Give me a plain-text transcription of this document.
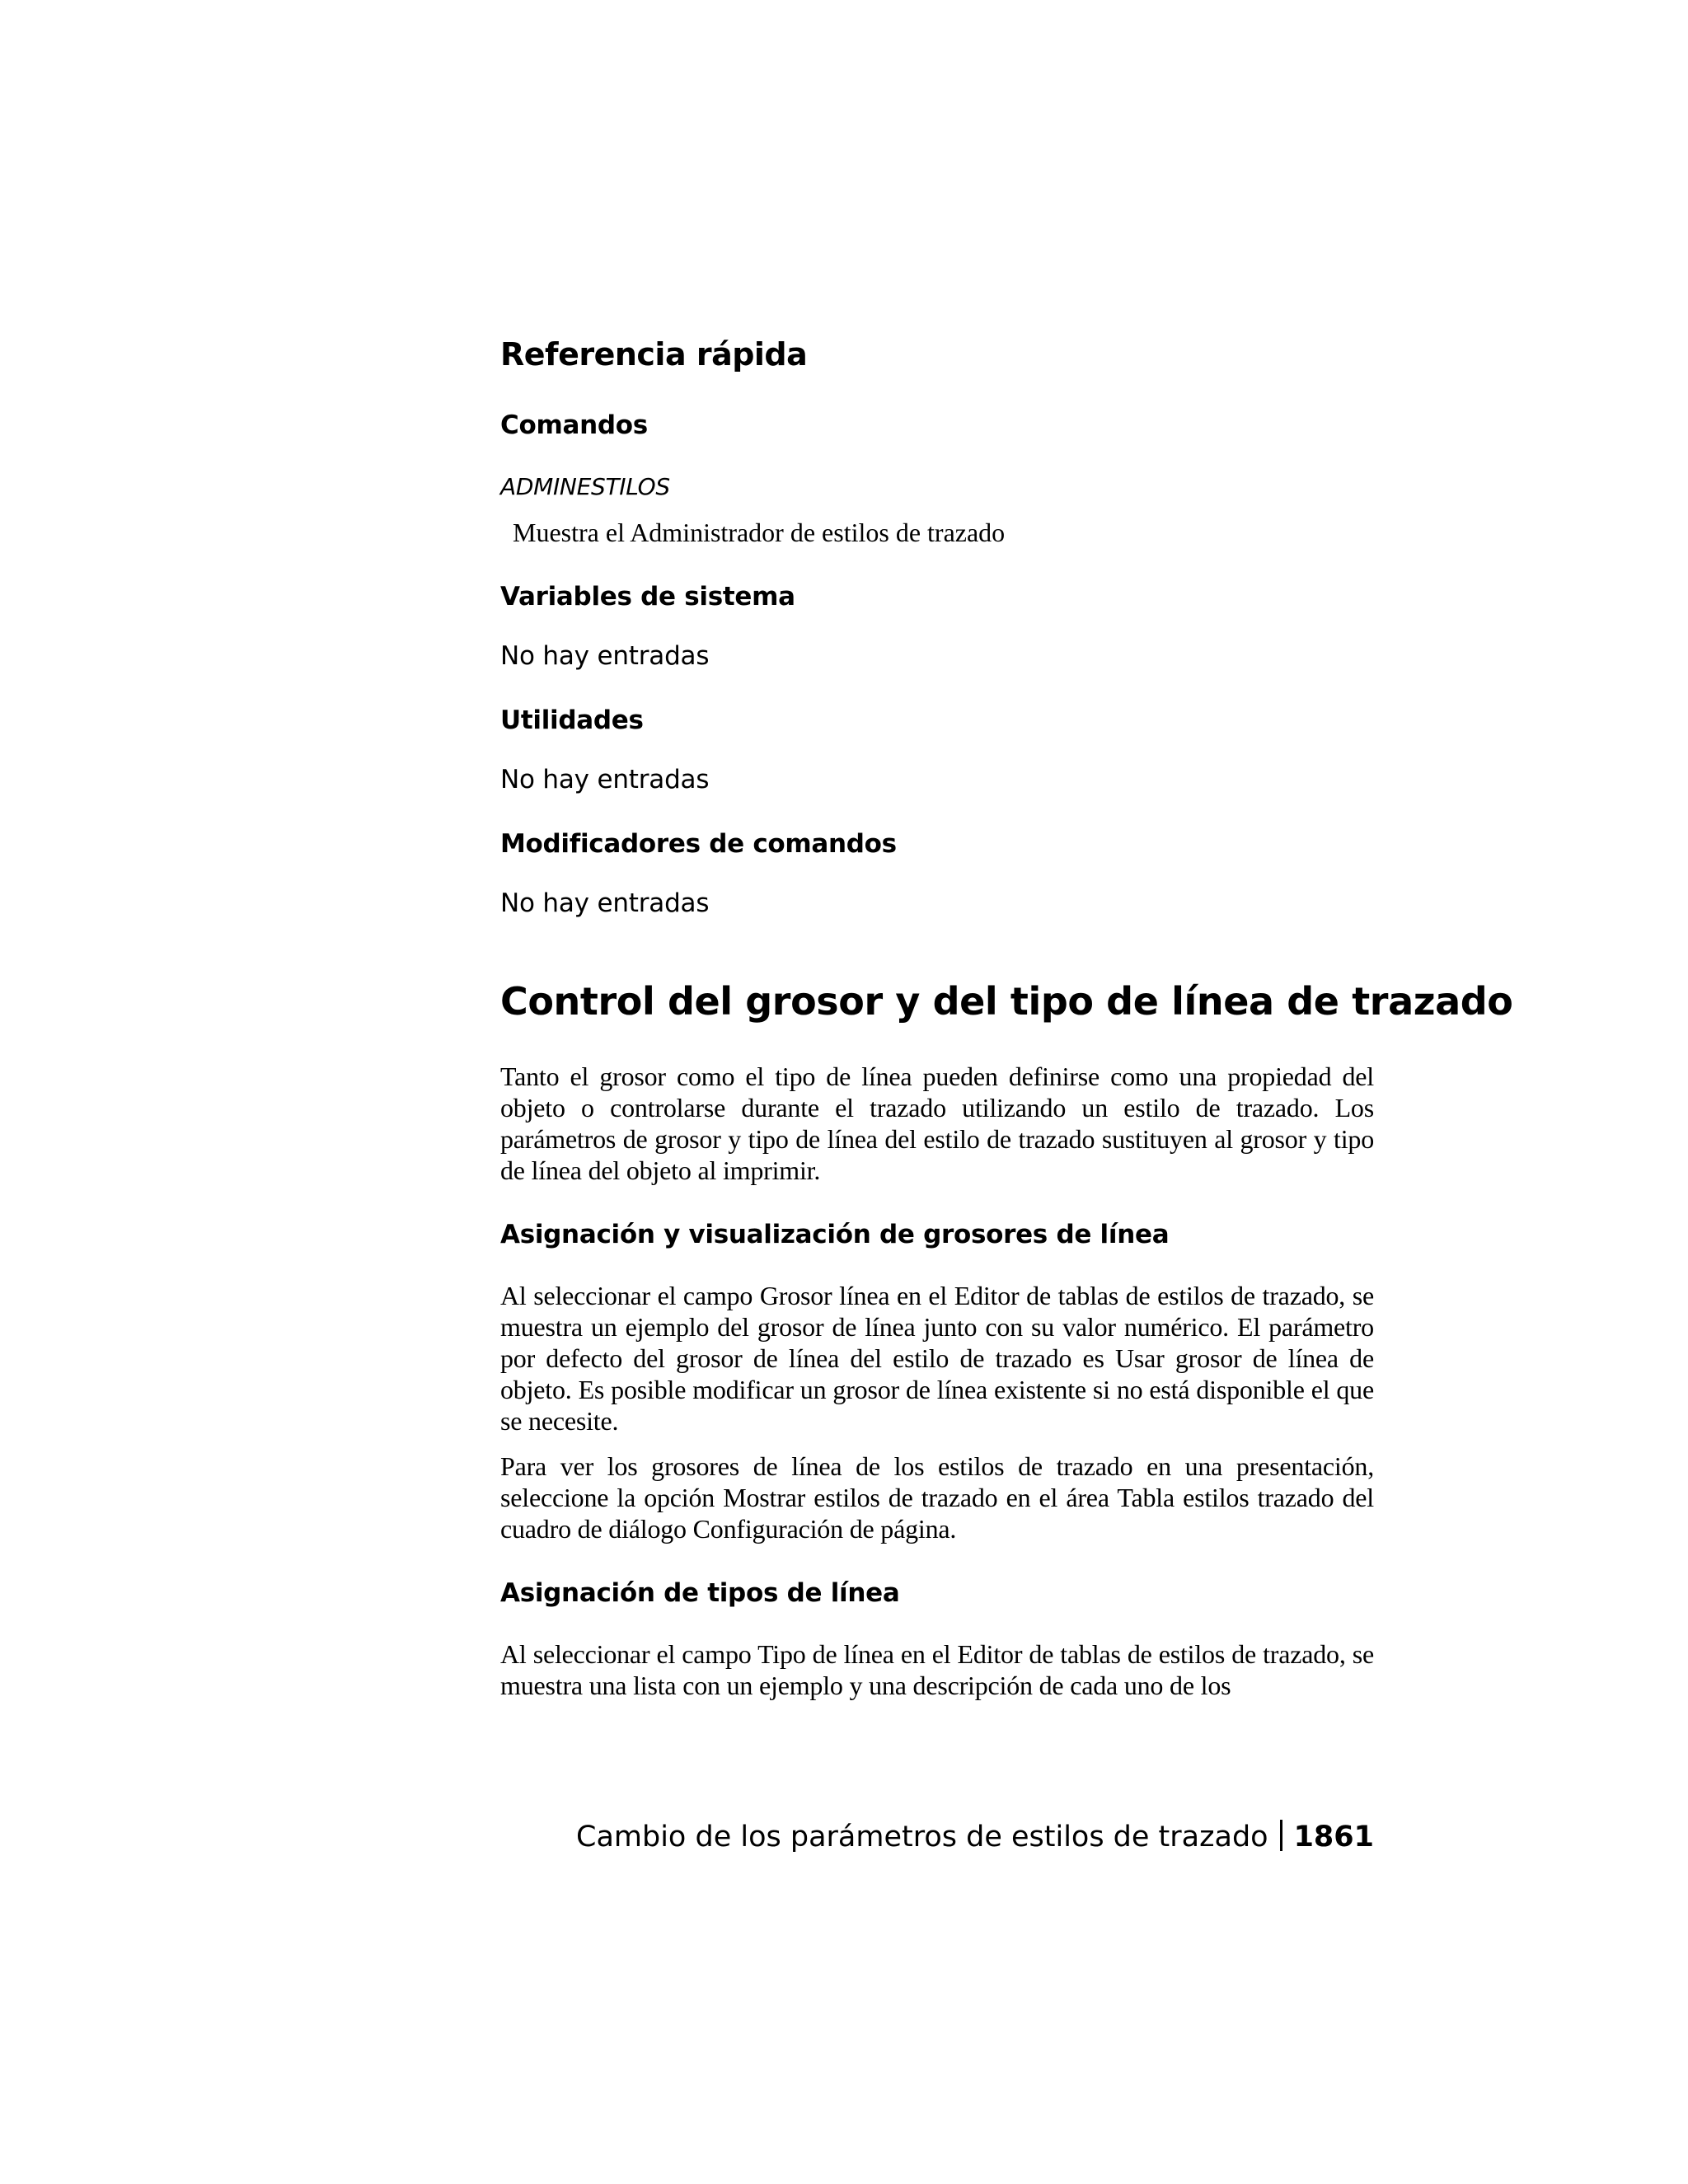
Referencia rápida
Comandos
ADMINESTILOS
Muestra el Administrador de estilos de trazado
Variables de sistema
No hay entradas
Utilidades
No hay entradas
Modificadores de comandos
No hay entradas
Control del grosor y del tipo de línea de trazado

Tanto el grosor como el tipo de línea pueden definirse como una propiedad del objeto o controlarse durante el trazado utilizando un estilo de trazado. Los parámetros de grosor y tipo de línea del estilo de trazado sustituyen al grosor y tipo de línea del objeto al imprimir.

Asignación y visualización de grosores de línea

Al seleccionar el campo Grosor línea en el Editor de tablas de estilos de trazado, se muestra un ejemplo del grosor de línea junto con su valor numérico. El parámetro por defecto del grosor de línea del estilo de trazado es Usar grosor de línea de objeto. Es posible modificar un grosor de línea existente si no está disponible el que se necesite.

Para ver los grosores de línea de los estilos de trazado en una presentación, seleccione la opción Mostrar estilos de trazado en el área Tabla estilos trazado del cuadro de diálogo Configuración de página.

Asignación de tipos de línea

Al seleccionar el campo Tipo de línea en el Editor de tablas de estilos de trazado, se muestra una lista con un ejemplo y una descripción de cada uno de los

Cambio de los parámetros de estilos de trazado 1861
